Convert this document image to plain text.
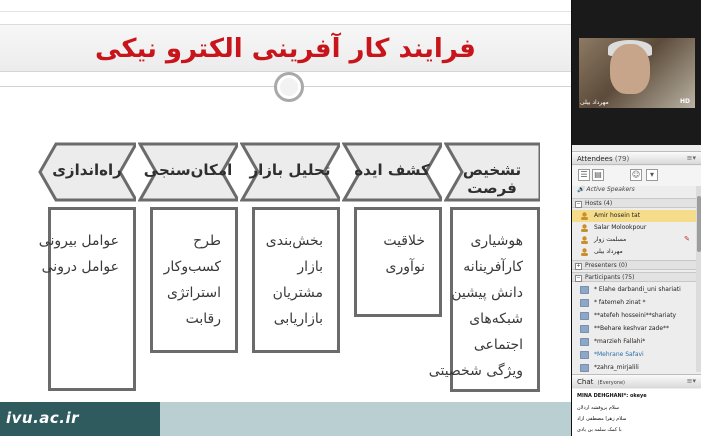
فرایند کار آفرینی الکترو نیکی
تشخیص فرصت
هوشیاری
کارآفرینانه
دانش پیشین
شبکه‌های
اجتماعی
ویژگی شخصیتی
کشف ایده
خلاقیت
نوآوری
تحلیل بازار
بخش‌بندی
بازار
مشتریان
بازاریابی
امکان‌سنجی
طرح
کسب‌وکار
استراتژی
رقابت
راه‌اندازی
عوامل بیرونی
عوامل درونی
ivu.ac.ir
مهرداد بیلی	HD
Attendees (79)	≡▾
☰ ▤	☺	▾
🔊 Active Speakers
− Hosts (4)
Amir hosein tat
Salar Molookpour
مسلمت زوار	✎
مهرداد بیلی
+ Presenters (0)
− Participants (75)
* Elahe darbandi_uni shariati
* fatemeh zinat *
**atefeh hosseini**shariaty
**Behare keshvar zade**
*marzieh Fallahi*
*Mehrane Safavi
*zahra_mirjalili
Chat (Everyone)	≡▾
MINA DEHGHANI*: okeye
سلام پروفشه اردلان
سلام زهرا مصطفی ازاد
با کمک سلمه بن یادی
